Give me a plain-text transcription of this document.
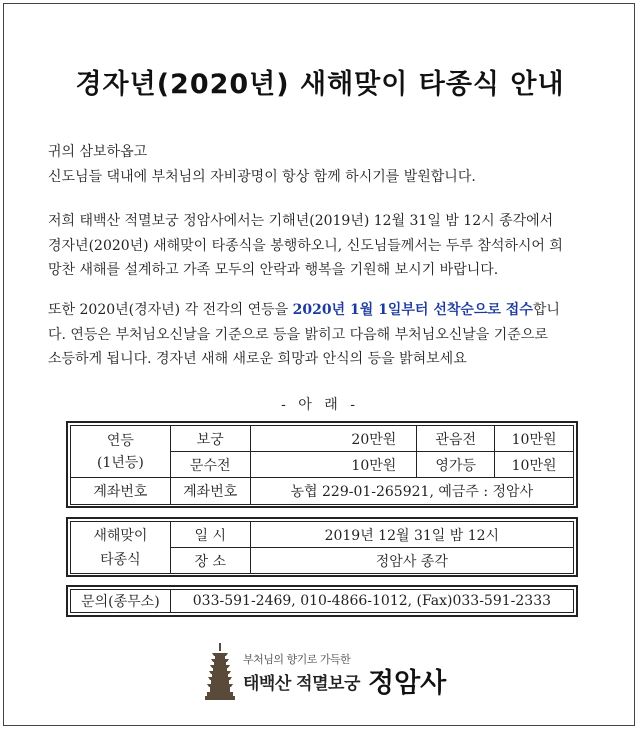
경자년(2020년) 새해맞이 타종식 안내
귀의 삼보하옵고
신도님들 댁내에 부처님의 자비광명이 항상 함께 하시기를 발원합니다.
저희 태백산 적멸보궁 정암사에서는 기해년(2019년) 12월 31일 밤 12시 종각에서
경자년(2020년) 새해맞이 타종식을 봉행하오니, 신도님들께서는 두루 참석하시어 희
망찬 새해를 설계하고 가족 모두의 안락과 행복을 기원해 보시기 바랍니다.
또한 2020년(경자년) 각 전각의 연등을 2020년 1월 1일부터 선착순으로 접수합니
다. 연등은 부처님오신날을 기준으로 등을 밝히고 다음해 부처님오신날을 기준으로
소등하게 됩니다. 경자년 새해 새로운 희망과 안식의 등을 밝혀보세요
- 아 래 -
연등
(1년등)	보궁	20만원	관음전	10만원
	문수전	10만원	영가등	10만원
계좌번호	계좌번호	농협 229-01-265921, 예금주 : 정암사		
새해맞이
타종식	일 시	2019년 12월 31일 밤 12시
	장 소	정암사 종각
문의(종무소)	033-591-2469, 010-4866-1012, (Fax)033-591-2333
부처님의 향기로 가득한
태백산 적멸보궁 정암사
